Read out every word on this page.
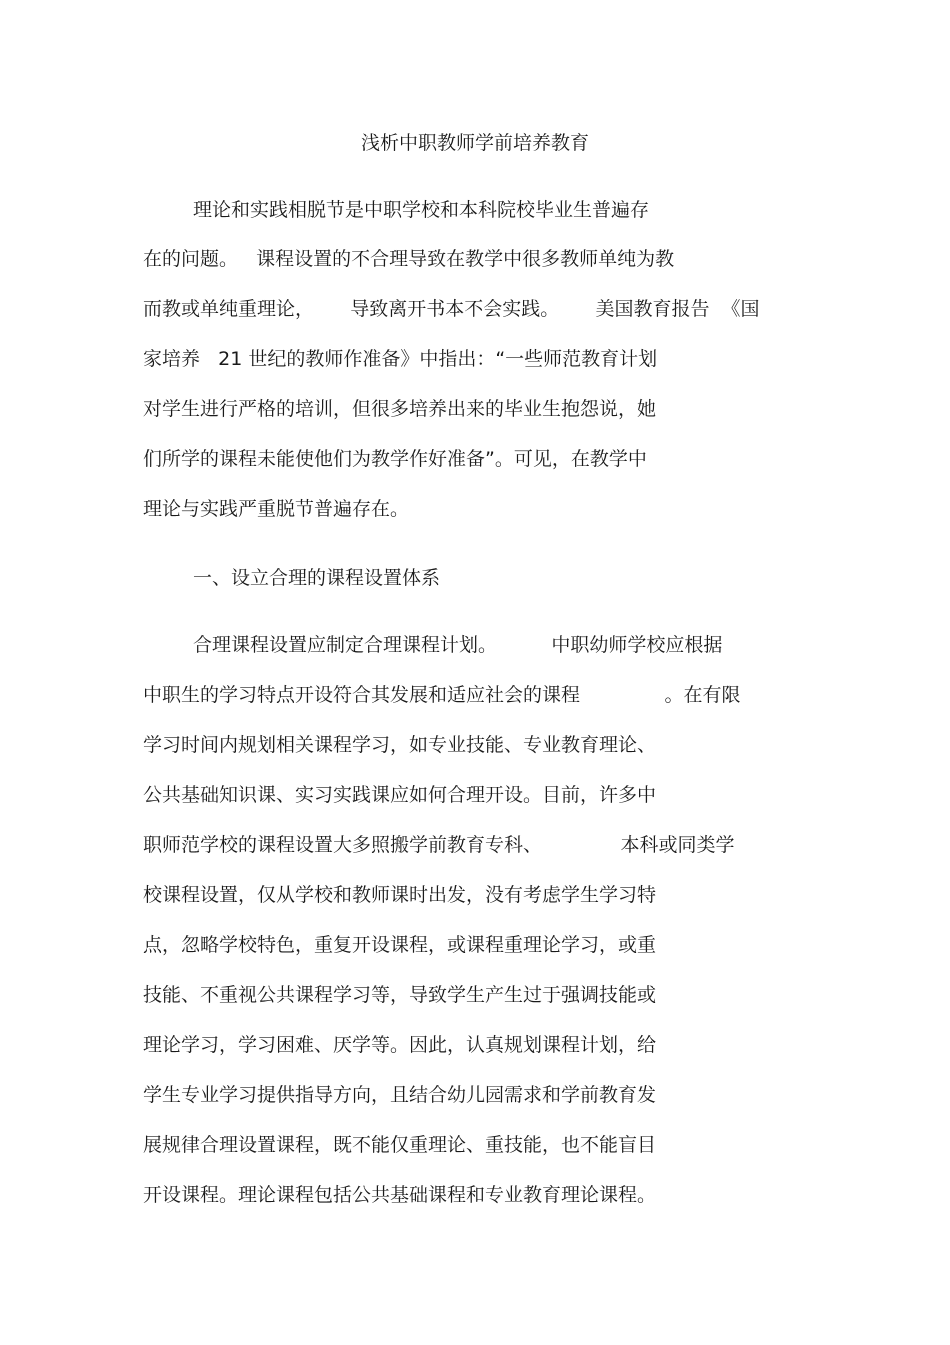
浅析中职教师学前培养教育
理论和实践相脱节是中职学校和本科院校毕业生普遍存
在的问题。   课程设置的不合理导致在教学中很多教师单纯为教
而教或单纯重理论，      导致离开书本不会实践。      美国教育报告  《国
家培养   21 世纪的教师作准备》中指出：“一些师范教育计划
对学生进行严格的培训，但很多培养出来的毕业生抱怨说，她
们所学的课程未能使他们为教学作好准备”。可见，在教学中
理论与实践严重脱节普遍存在。
一、设立合理的课程设置体系
合理课程设置应制定合理课程计划。         中职幼师学校应根据
中职生的学习特点开设符合其发展和适应社会的课程              。在有限
学习时间内规划相关课程学习，如专业技能、专业教育理论、
公共基础知识课、实习实践课应如何合理开设。目前，许多中
职师范学校的课程设置大多照搬学前教育专科、             本科或同类学
校课程设置，仅从学校和教师课时出发，没有考虑学生学习特
点，忽略学校特色，重复开设课程，或课程重理论学习，或重
技能、不重视公共课程学习等，导致学生产生过于强调技能或
理论学习，学习困难、厌学等。因此，认真规划课程计划，给
学生专业学习提供指导方向，且结合幼儿园需求和学前教育发
展规律合理设置课程，既不能仅重理论、重技能，也不能盲目
开设课程。理论课程包括公共基础课程和专业教育理论课程。
